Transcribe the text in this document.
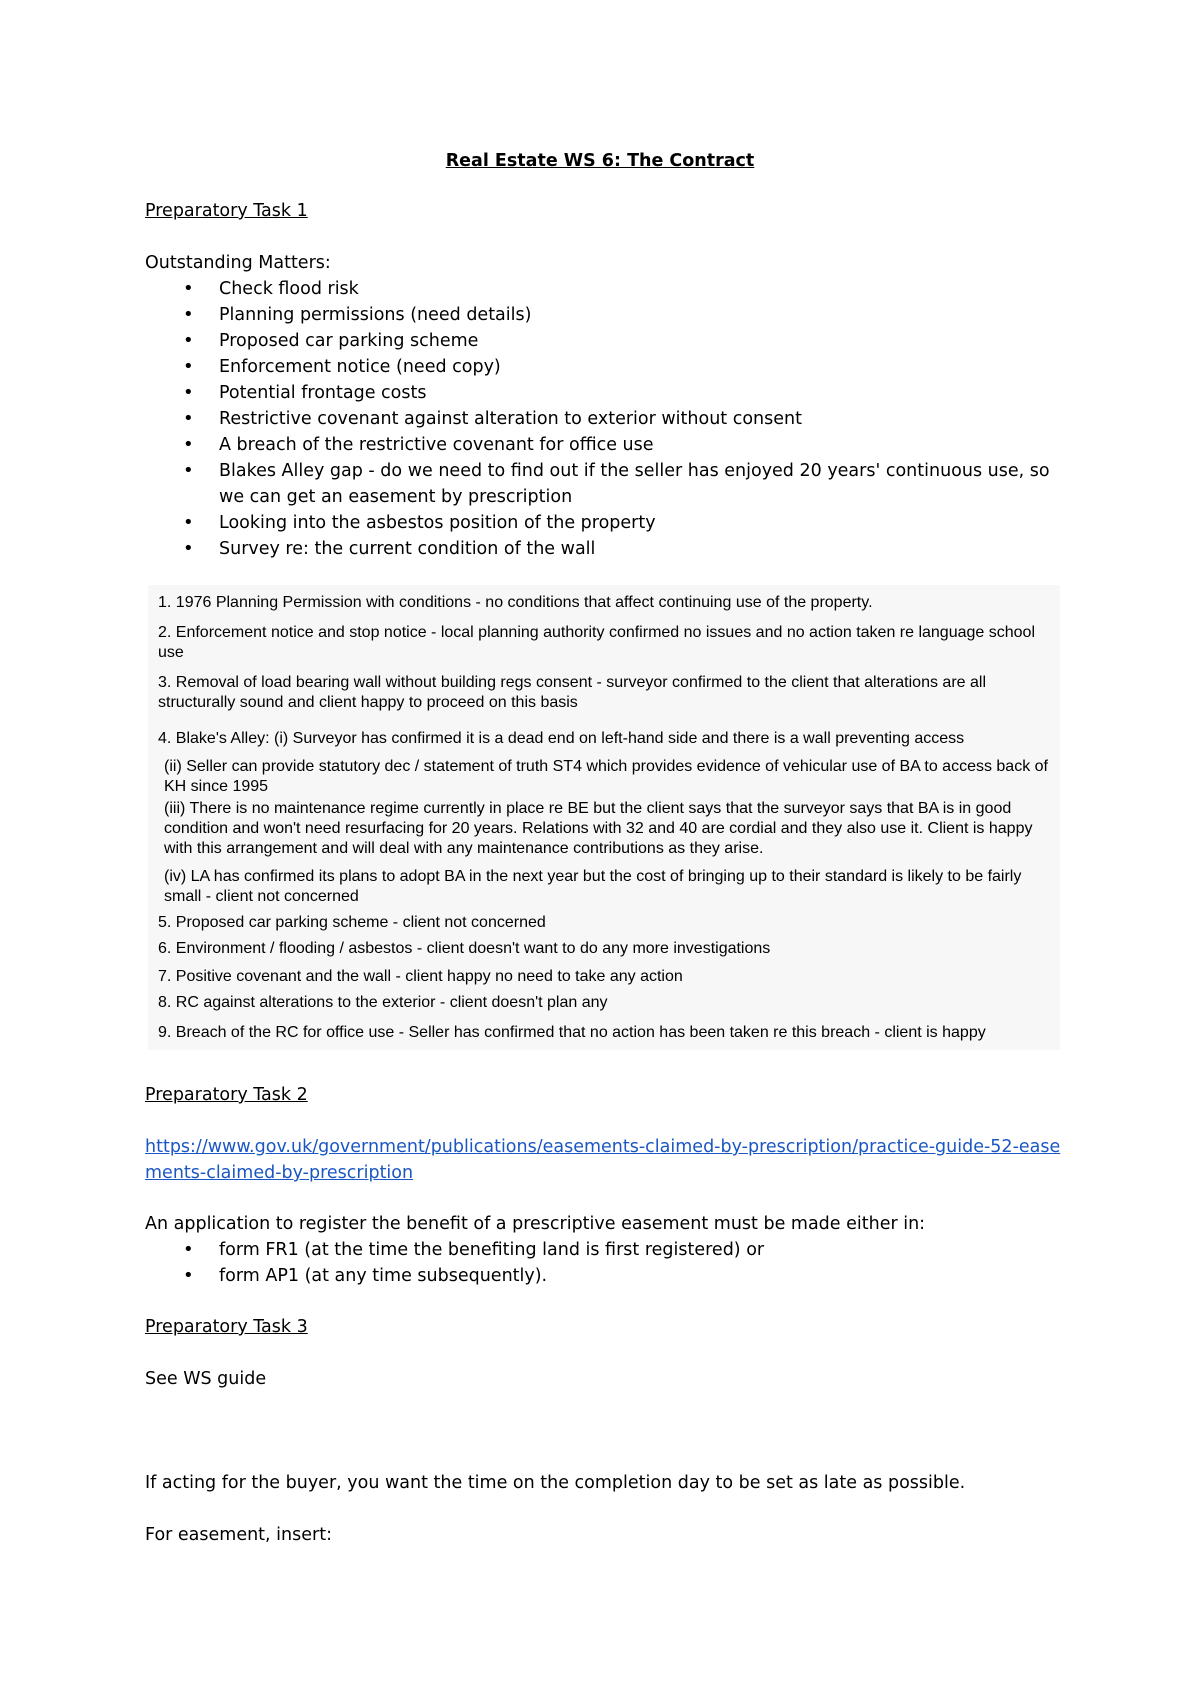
Real Estate WS 6: The Contract
Preparatory Task 1
Outstanding Matters:
• Check flood risk
• Planning permissions (need details)
• Proposed car parking scheme
• Enforcement notice (need copy)
• Potential frontage costs
• Restrictive covenant against alteration to exterior without consent
• A breach of the restrictive covenant for office use
• Blakes Alley gap - do we need to find out if the seller has enjoyed 20 years' continuous use, so we can get an easement by prescription
• Looking into the asbestos position of the property
• Survey re: the current condition of the wall
1. 1976 Planning Permission with conditions - no conditions that affect continuing use of the property.
2. Enforcement notice and stop notice - local planning authority confirmed no issues and no action taken re language school use
3. Removal of load bearing wall without building regs consent - surveyor confirmed to the client that alterations are all structurally sound and client happy to proceed on this basis
4. Blake's Alley: (i) Surveyor has confirmed it is a dead end on left-hand side and there is a wall preventing access
(ii) Seller can provide statutory dec / statement of truth ST4 which provides evidence of vehicular use of BA to access back of KH since 1995
(iii) There is no maintenance regime currently in place re BE but the client says that the surveyor says that BA is in good condition and won't need resurfacing for 20 years. Relations with 32 and 40 are cordial and they also use it. Client is happy with this arrangement and will deal with any maintenance contributions as they arise.
(iv) LA has confirmed its plans to adopt BA in the next year but the cost of bringing up to their standard is likely to be fairly small - client not concerned
5. Proposed car parking scheme - client not concerned
6. Environment / flooding / asbestos - client doesn't want to do any more investigations
7. Positive covenant and the wall - client happy no need to take any action
8. RC against alterations to the exterior - client doesn't plan any
9. Breach of the RC for office use - Seller has confirmed that no action has been taken re this breach - client is happy
Preparatory Task 2
https://www.gov.uk/government/publications/easements-claimed-by-prescription/practice-guide-52-easements-claimed-by-prescription
An application to register the benefit of a prescriptive easement must be made either in:
• form FR1 (at the time the benefiting land is first registered) or
• form AP1 (at any time subsequently).
Preparatory Task 3
See WS guide
If acting for the buyer, you want the time on the completion day to be set as late as possible.
For easement, insert:
